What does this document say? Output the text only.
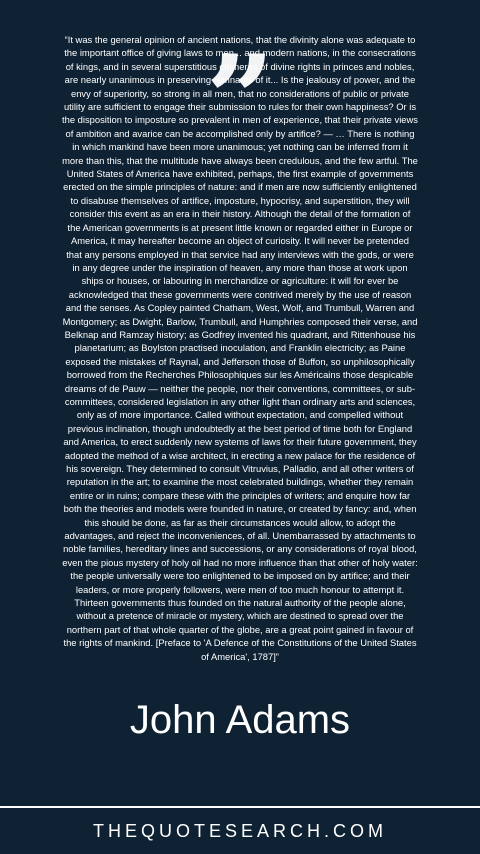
”
“It was the general opinion of ancient nations, that the divinity alone was adequate to the important office of giving laws to men... and modern nations, in the consecrations of kings, and in several superstitious chimeras of divine rights in princes and nobles, are nearly unanimous in preserving remnants of it... Is the jealousy of power, and the envy of superiority, so strong in all men, that no considerations of public or private utility are sufficient to engage their submission to rules for their own happiness? Or is the disposition to imposture so prevalent in men of experience, that their private views of ambition and avarice can be accomplished only by artifice? — … There is nothing in which mankind have been more unanimous; yet nothing can be inferred from it more than this, that the multitude have always been credulous, and the few artful. The United States of America have exhibited, perhaps, the first example of governments erected on the simple principles of nature: and if men are now sufficiently enlightened to disabuse themselves of artifice, imposture, hypocrisy, and superstition, they will consider this event as an era in their history. Although the detail of the formation of the American governments is at present little known or regarded either in Europe or America, it may hereafter become an object of curiosity. It will never be pretended that any persons employed in that service had any interviews with the gods, or were in any degree under the inspiration of heaven, any more than those at work upon ships or houses, or labouring in merchandize or agriculture: it will for ever be acknowledged that these governments were contrived merely by the use of reason and the senses. As Copley painted Chatham, West, Wolf, and Trumbull, Warren and Montgomery; as Dwight, Barlow, Trumbull, and Humphries composed their verse, and Belknap and Ramzay history; as Godfrey invented his quadrant, and Rittenhouse his planetarium; as Boylston practised inoculation, and Franklin electricity; as Paine exposed the mistakes of Raynal, and Jefferson those of Buffon, so unphilosophically borrowed from the Recherches Philosophiques sur les Américains those despicable dreams of de Pauw — neither the people, nor their conventions, committees, or sub-committees, considered legislation in any other light than ordinary arts and sciences, only as of more importance. Called without expectation, and compelled without previous inclination, though undoubtedly at the best period of time both for England and America, to erect suddenly new systems of laws for their future government, they adopted the method of a wise architect, in erecting a new palace for the residence of his sovereign. They determined to consult Vitruvius, Palladio, and all other writers of reputation in the art; to examine the most celebrated buildings, whether they remain entire or in ruins; compare these with the principles of writers; and enquire how far both the theories and models were founded in nature, or created by fancy: and, when this should be done, as far as their circumstances would allow, to adopt the advantages, and reject the inconveniences, of all. Unembarrassed by attachments to noble families, hereditary lines and successions, or any considerations of royal blood, even the pious mystery of holy oil had no more influence than that other of holy water: the people universally were too enlightened to be imposed on by artifice; and their leaders, or more properly followers, were men of too much honour to attempt it. Thirteen governments thus founded on the natural authority of the people alone, without a pretence of miracle or mystery, which are destined to spread over the northern part of that whole quarter of the globe, are a great point gained in favour of the rights of mankind. [Preface to 'A Defence of the Constitutions of the United States of America', 1787]”
John Adams
THEQUOTESEARCH.COM
